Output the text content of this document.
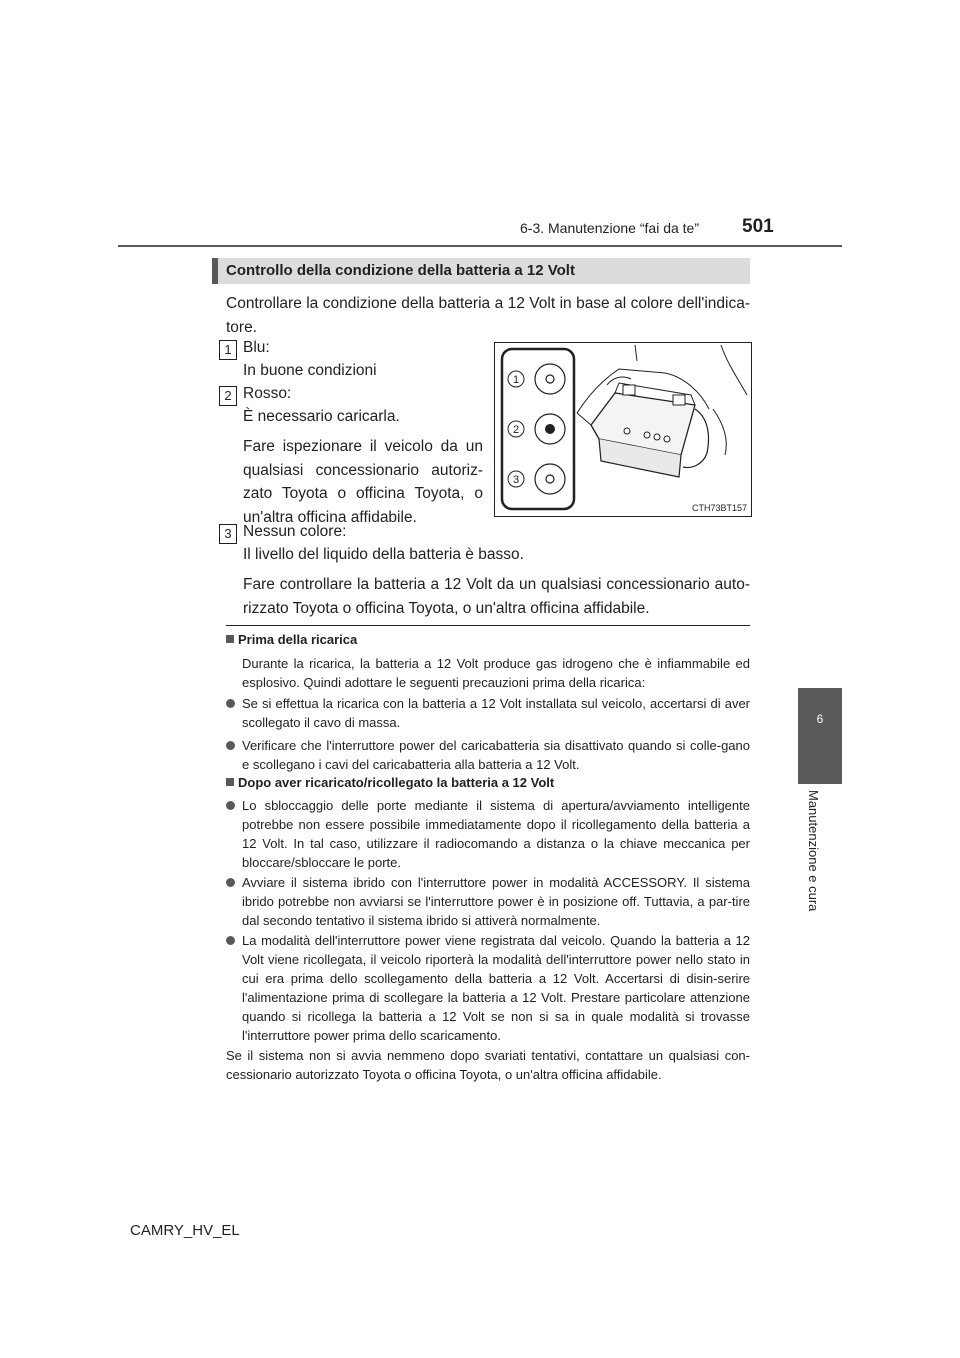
6-3. Manutenzione “fai da te” 501
6
Manutenzione e cura
Controllo della condizione della batteria a 12 Volt
Controllare la condizione della batteria a 12 Volt in base al colore dell'indica-tore.
1 Blu:
In buone condizioni
2 Rosso:
È necessario caricarla.
Fare ispezionare il veicolo da un qualsiasi concessionario autoriz-zato Toyota o officina Toyota, o un'altra officina affidabile.
1
2
3
CTH73BT157
3 Nessun colore:
Il livello del liquido della batteria è basso.
Fare controllare la batteria a 12 Volt da un qualsiasi concessionario auto-rizzato Toyota o officina Toyota, o un'altra officina affidabile.
Prima della ricarica
Durante la ricarica, la batteria a 12 Volt produce gas idrogeno che è infiammabile ed esplosivo. Quindi adottare le seguenti precauzioni prima della ricarica:
Se si effettua la ricarica con la batteria a 12 Volt installata sul veicolo, accertarsi di aver scollegato il cavo di massa.
Verificare che l'interruttore power del caricabatteria sia disattivato quando si colle-gano e scollegano i cavi del caricabatteria alla batteria a 12 Volt.
Dopo aver ricaricato/ricollegato la batteria a 12 Volt
Lo sbloccaggio delle porte mediante il sistema di apertura/avviamento intelligente potrebbe non essere possibile immediatamente dopo il ricollegamento della batteria a 12 Volt. In tal caso, utilizzare il radiocomando a distanza o la chiave meccanica per bloccare/sbloccare le porte.
Avviare il sistema ibrido con l'interruttore power in modalità ACCESSORY. Il sistema ibrido potrebbe non avviarsi se l'interruttore power è in posizione off. Tuttavia, a par-tire dal secondo tentativo il sistema ibrido si attiverà normalmente.
La modalità dell'interruttore power viene registrata dal veicolo. Quando la batteria a 12 Volt viene ricollegata, il veicolo riporterà la modalità dell'interruttore power nello stato in cui era prima dello scollegamento della batteria a 12 Volt. Accertarsi di disin-serire l'alimentazione prima di scollegare la batteria a 12 Volt. Prestare particolare attenzione quando si ricollega la batteria a 12 Volt se non si sa in quale modalità si trovasse l'interruttore power prima dello scaricamento.
Se il sistema non si avvia nemmeno dopo svariati tentativi, contattare un qualsiasi con-cessionario autorizzato Toyota o officina Toyota, o un'altra officina affidabile.
CAMRY_HV_EL
